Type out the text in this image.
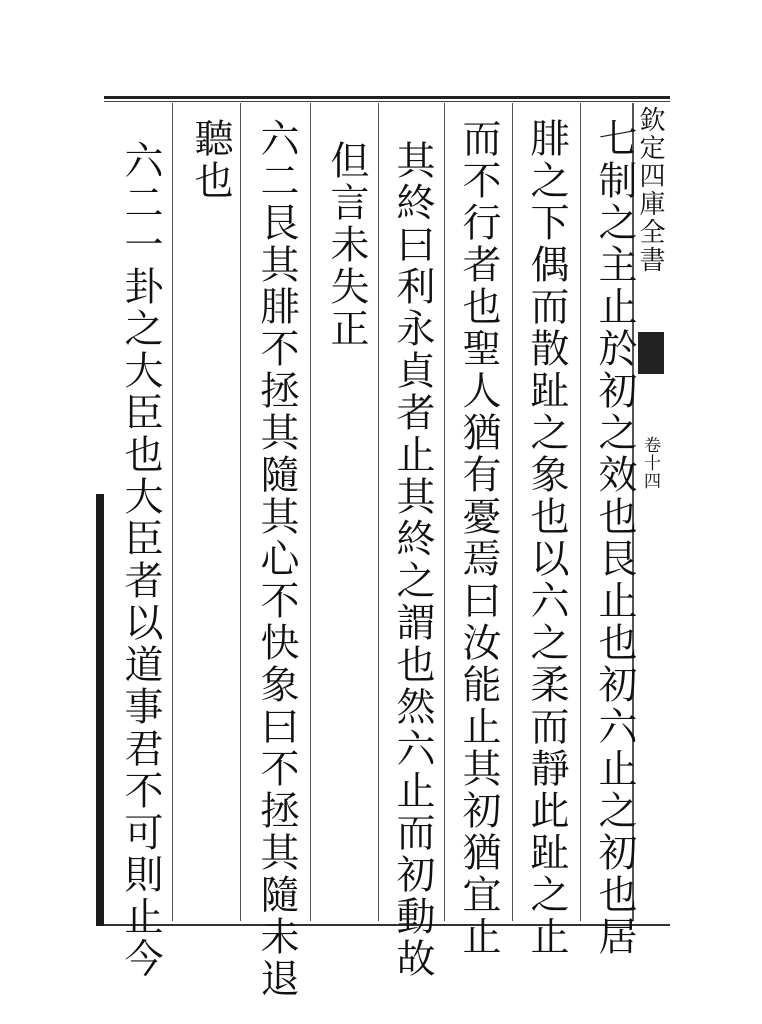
欽定四庫全書
卷十四
七制之主止於初之效也艮止也初六止之初也居
腓之下偶而散趾之象也以六之柔而靜此趾之止
而不行者也聖人猶有憂焉曰汝能止其初猶宜止
其終曰利永貞者止其終之謂也然六止而初動故
但言未失正
六二艮其腓不拯其隨其心不快象曰不拯其隨未退
聽也
六二一卦之大臣也大臣者以道事君不可則止今
